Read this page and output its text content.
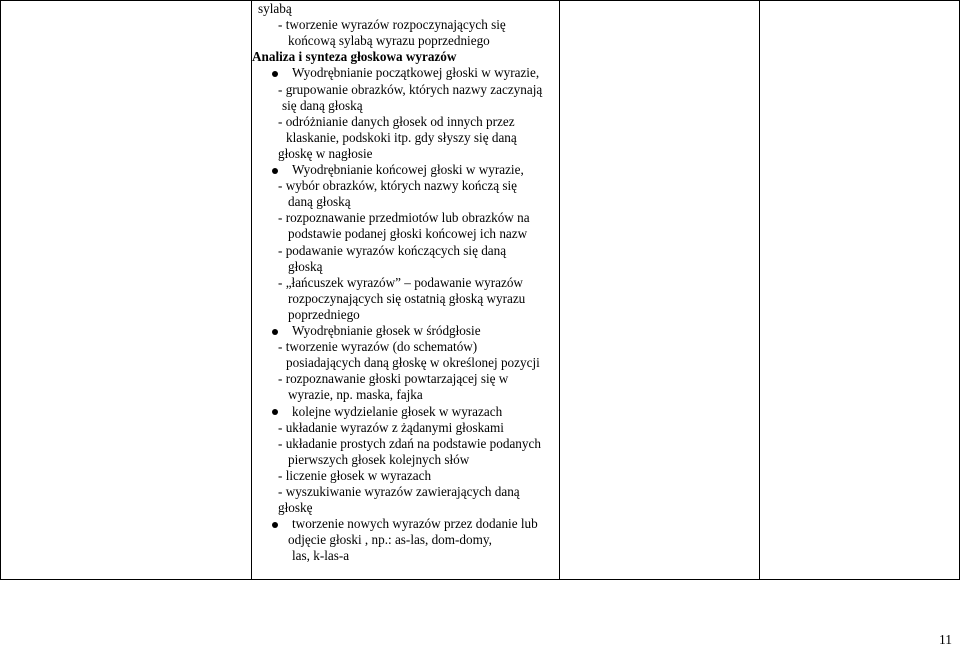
sylabą
- tworzenie wyrazów rozpoczynających się
końcową sylabą wyrazu poprzedniego
Analiza i synteza głoskowa wyrazów
Wyodrębnianie początkowej głoski w wyrazie,
- grupowanie obrazków, których nazwy zaczynają
się daną głoską
- odróżnianie danych głosek od innych przez
klaskanie, podskoki itp. gdy słyszy się daną
głoskę w nagłosie
Wyodrębnianie końcowej głoski w wyrazie,
- wybór obrazków, których nazwy kończą się
daną głoską
- rozpoznawanie przedmiotów lub obrazków na
podstawie podanej głoski końcowej ich nazw
- podawanie wyrazów kończących się daną
głoską
- „łańcuszek wyrazów” – podawanie wyrazów
rozpoczynających się ostatnią głoską wyrazu
poprzedniego
Wyodrębnianie głosek w śródgłosie
- tworzenie wyrazów (do schematów)
posiadających daną głoskę w określonej pozycji
- rozpoznawanie głoski powtarzającej się w
wyrazie, np. maska, fajka
kolejne wydzielanie głosek w wyrazach
- układanie wyrazów z żądanymi głoskami
- układanie prostych zdań na podstawie podanych
pierwszych głosek kolejnych słów
- liczenie głosek w wyrazach
- wyszukiwanie wyrazów zawierających daną
głoskę
tworzenie nowych wyrazów przez dodanie lub
odjęcie głoski , np.: as-las, dom-domy,
las, k-las-a

11
